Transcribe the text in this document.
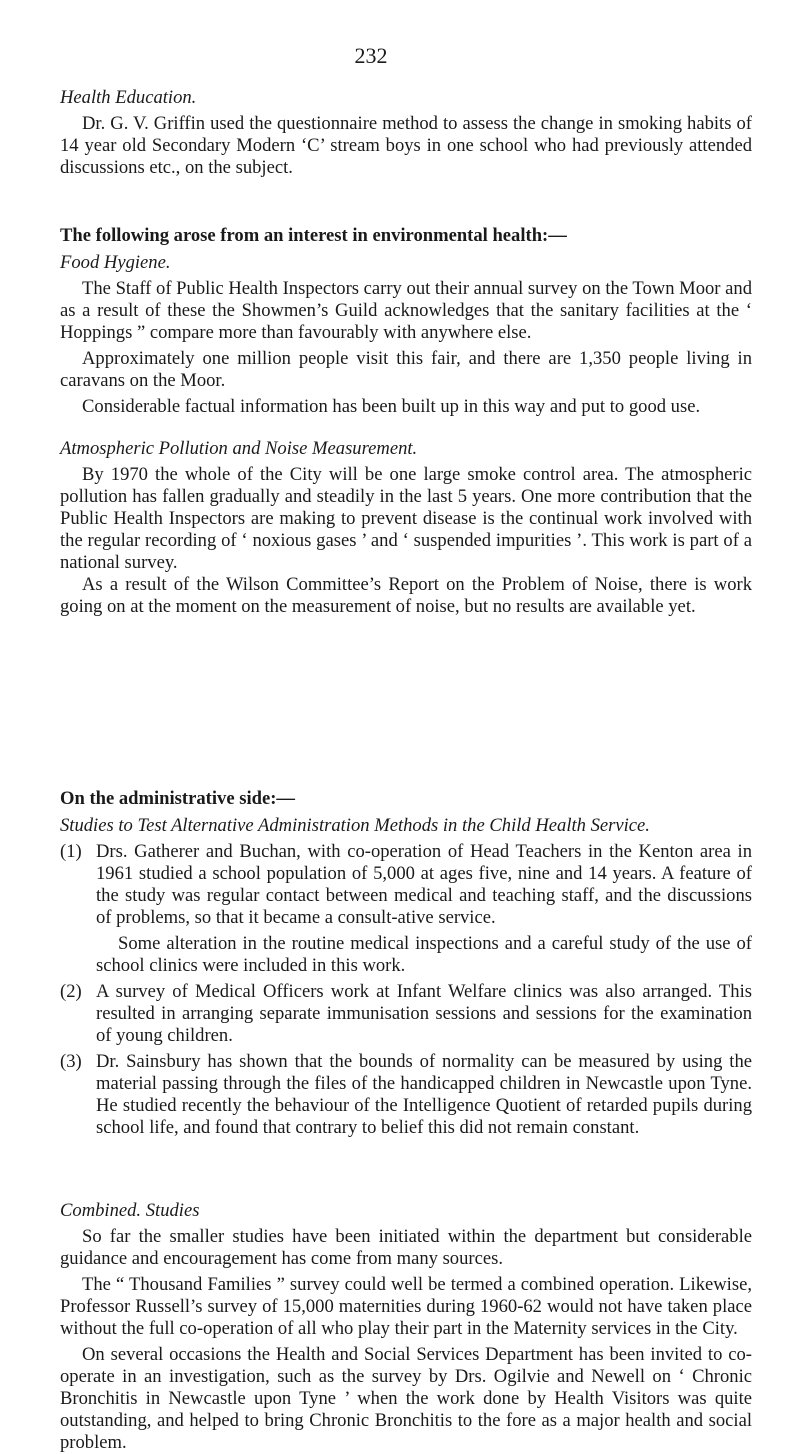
232

Health Education.

Dr. G. V. Griffin used the questionnaire method to assess the change in smoking habits of 14 year old Secondary Modern ‘C’ stream boys in one school who had previously attended discussions etc., on the subject.

The following arose from an interest in environmental health:—

Food Hygiene.

The Staff of Public Health Inspectors carry out their annual survey on the Town Moor and as a result of these the Showmen’s Guild acknowledges that the sanitary facilities at the ‘ Hoppings ” compare more than favourably with anywhere else.

Approximately one million people visit this fair, and there are 1,350 people living in caravans on the Moor.

Considerable factual information has been built up in this way and put to good use.

Atmospheric Pollution and Noise Measurement.

By 1970 the whole of the City will be one large smoke control area. The atmospheric pollution has fallen gradually and steadily in the last 5 years. One more contribution that the Public Health Inspectors are making to prevent disease is the continual work involved with the regular recording of ‘ noxious gases ’ and ‘ suspended impurities ’. This work is part of a national survey.

As a result of the Wilson Committee’s Report on the Problem of Noise, there is work going on at the moment on the measurement of noise, but no results are available yet.

On the administrative side:—

Studies to Test Alternative Administration Methods in the Child Health Service.

(1) Drs. Gatherer and Buchan, with co-operation of Head Teachers in the Kenton area in 1961 studied a school population of 5,000 at ages five, nine and 14 years. A feature of the study was regular contact between medical and teaching staff, and the discussions of problems, so that it became a consult-ative service.

Some alteration in the routine medical inspections and a careful study of the use of school clinics were included in this work.

(2) A survey of Medical Officers work at Infant Welfare clinics was also arranged. This resulted in arranging separate immunisation sessions and sessions for the examination of young children.

(3) Dr. Sainsbury has shown that the bounds of normality can be measured by using the material passing through the files of the handicapped children in Newcastle upon Tyne. He studied recently the behaviour of the Intelligence Quotient of retarded pupils during school life, and found that contrary to belief this did not remain constant.

Combined. Studies

So far the smaller studies have been initiated within the department but considerable guidance and encouragement has come from many sources.

The “ Thousand Families ” survey could well be termed a combined operation. Likewise, Professor Russell’s survey of 15,000 maternities during 1960-62 would not have taken place without the full co-operation of all who play their part in the Maternity services in the City.

On several occasions the Health and Social Services Department has been invited to co-operate in an investigation, such as the survey by Drs. Ogilvie and Newell on ‘ Chronic Bronchitis in Newcastle upon Tyne ’ when the work done by Health Visitors was quite outstanding, and helped to bring Chronic Bronchitis to the fore as a major health and social problem.
